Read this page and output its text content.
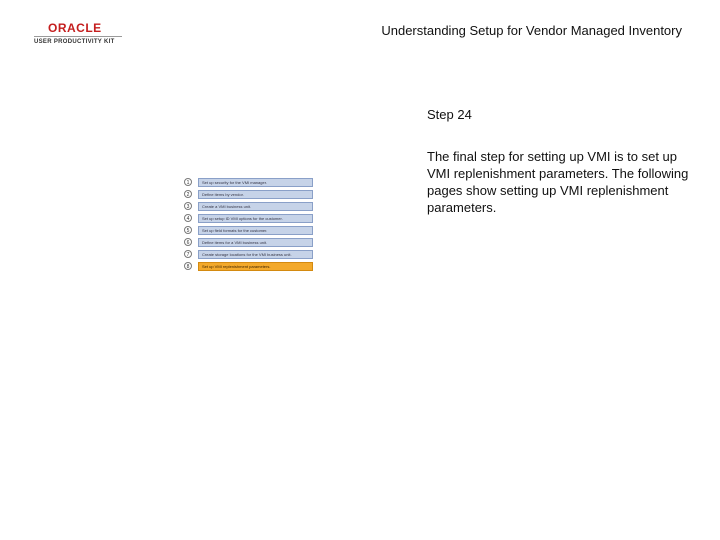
ORACLE
USER PRODUCTIVITY KIT
Understanding Setup for Vendor Managed Inventory
1	Set up security for the VMI manager.
2	Define items by vendor.
3	Create a VMI business unit.
4	Set up setup ID VMI options for the customer.
5	Set up field formats for the customer.
6	Define items for a VMI business unit.
7	Create storage locations for the VMI business unit.
8	Set up VMI replenishment parameters.
Step 24
The final step for setting up VMI is to set up VMI replenishment parameters. The following pages show setting up VMI replenishment parameters.
